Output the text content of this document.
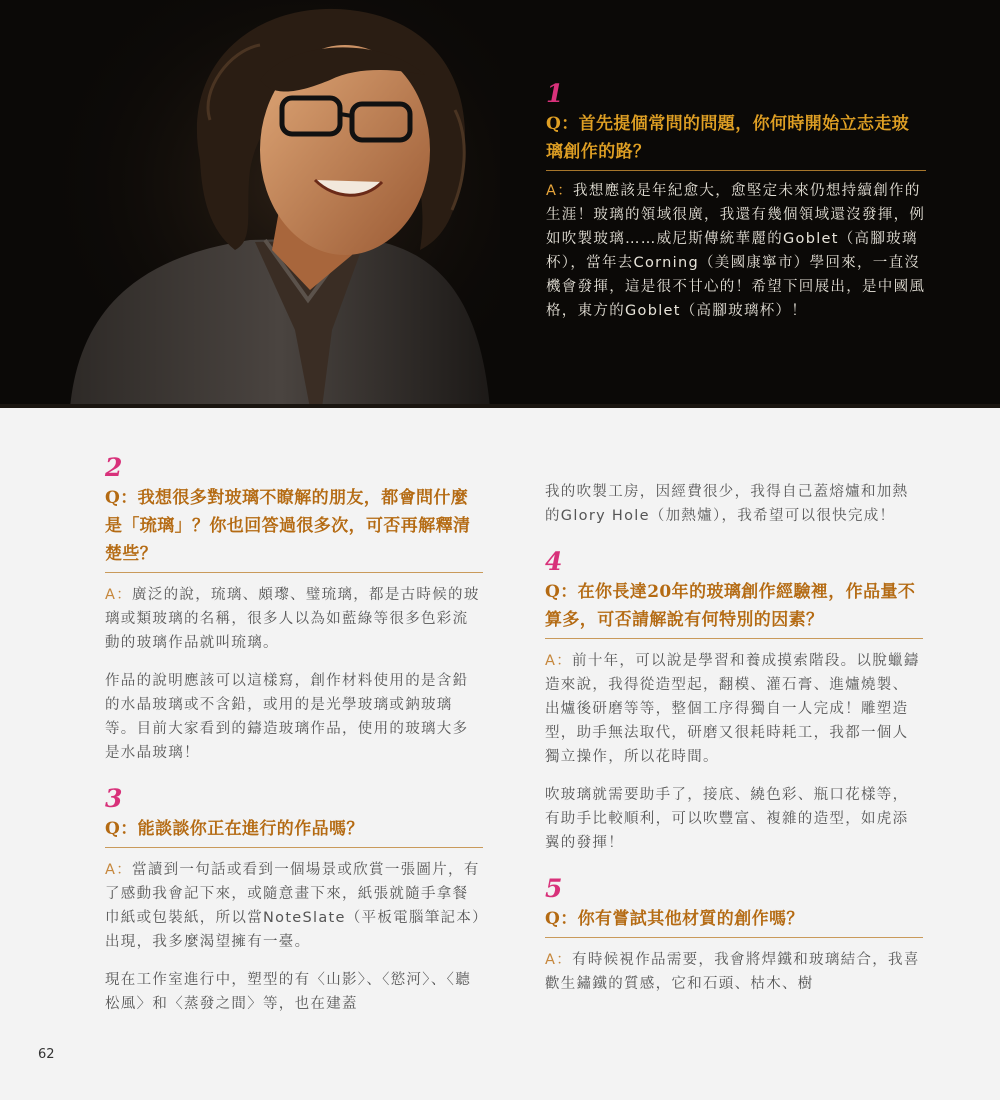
1
Q：首先提個常問的問題，你何時開始立志走玻璃創作的路？
A：我想應該是年紀愈大，愈堅定未來仍想持續創作的生涯！玻璃的領域很廣，我還有幾個領域還沒發揮，例如吹製玻璃……威尼斯傳統華麗的Goblet（高腳玻璃杯），當年去Corning（美國康寧市）學回來，一直沒機會發揮，這是很不甘心的！希望下回展出，是中國風格，東方的Goblet（高腳玻璃杯）！
2
Q：我想很多對玻璃不瞭解的朋友，都會問什麼是「琉璃」？你也回答過很多次，可否再解釋清楚些？
A：廣泛的說，琉璃、頗瓈、璧琉璃，都是古時候的玻璃或類玻璃的名稱，很多人以為如藍綠等很多色彩流動的玻璃作品就叫琉璃。
作品的說明應該可以這樣寫，創作材料使用的是含鉛的水晶玻璃或不含鉛，或用的是光學玻璃或鈉玻璃等。目前大家看到的鑄造玻璃作品，使用的玻璃大多是水晶玻璃！
3
Q：能談談你正在進行的作品嗎？
A：當讀到一句話或看到一個場景或欣賞一張圖片，有了感動我會記下來，或隨意畫下來，紙張就隨手拿餐巾紙或包裝紙，所以當NoteSlate（平板電腦筆記本）出現，我多麼渴望擁有一臺。
現在工作室進行中，塑型的有〈山影〉、〈慾河〉、〈聽松風〉和〈蒸發之間〉等，也在建蓋
我的吹製工房，因經費很少，我得自己蓋熔爐和加熱的Glory Hole（加熱爐），我希望可以很快完成！
4
Q：在你長達20年的玻璃創作經驗裡，作品量不算多，可否請解說有何特別的因素？
A：前十年，可以說是學習和養成摸索階段。以脫蠟鑄造來說，我得從造型起，翻模、灌石膏、進爐燒製、出爐後研磨等等，整個工序得獨自一人完成！雕塑造型，助手無法取代，研磨又很耗時耗工，我都一個人獨立操作，所以花時間。
吹玻璃就需要助手了，接底、繞色彩、瓶口花樣等，有助手比較順利，可以吹豐富、複雜的造型，如虎添翼的發揮！
5
Q：你有嘗試其他材質的創作嗎？
A：有時候視作品需要，我會將焊鐵和玻璃結合，我喜歡生鏽鐵的質感，它和石頭、枯木、樹
62
